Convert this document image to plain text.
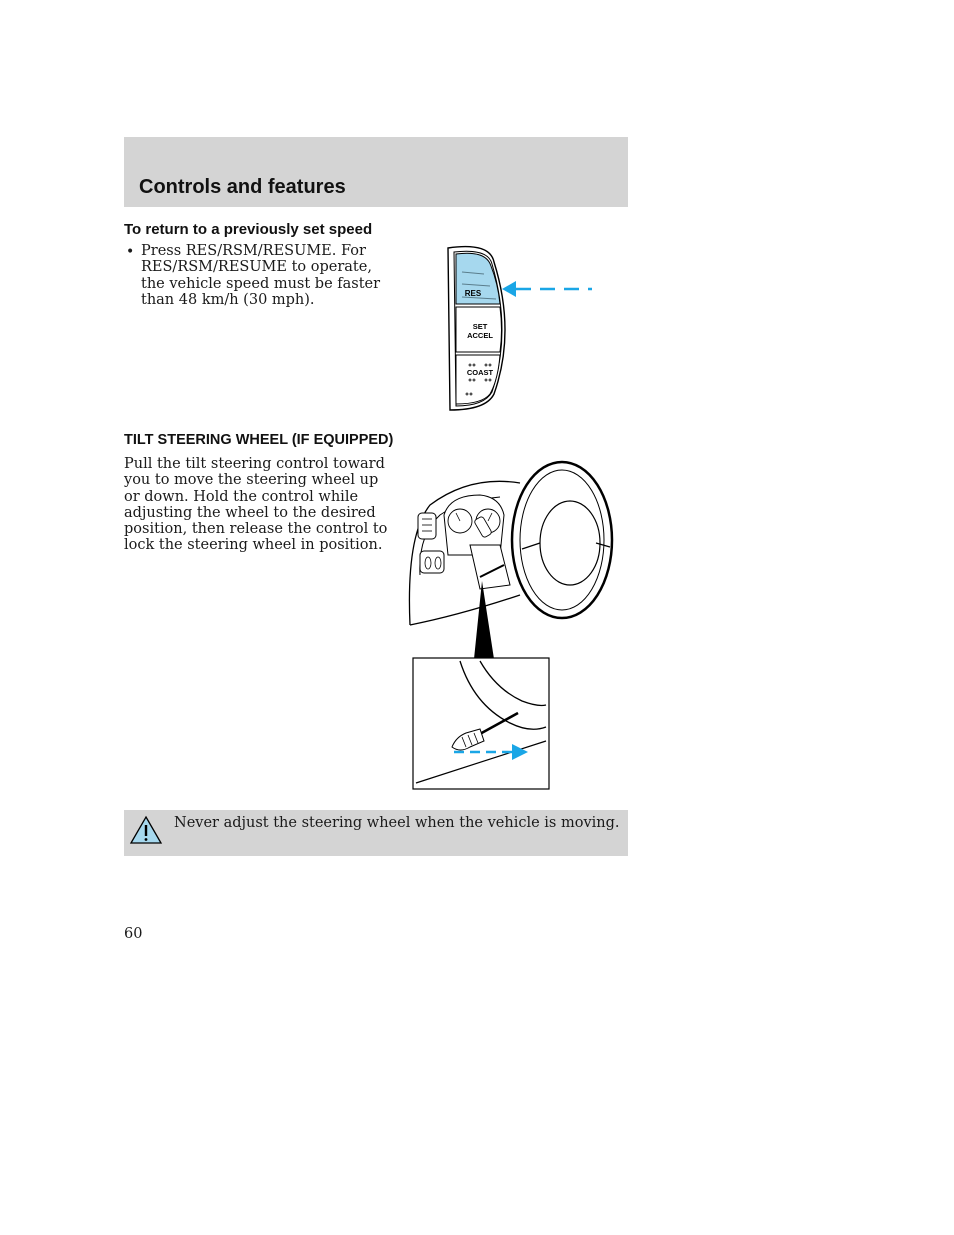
Controls and features
To return to a previously set speed
• Press RES/RSM/RESUME. For
RES/RSM/RESUME to operate,
the vehicle speed must be faster
than 48 km/h (30 mph).	RES
SET
ACCEL
COAST
TILT STEERING WHEEL (IF EQUIPPED)
Pull the tilt steering control toward
you to move the steering wheel up
or down. Hold the control while
adjusting the wheel to the desired
position, then release the control to
lock the steering wheel in position.
Never adjust the steering wheel when the vehicle is moving.
60
